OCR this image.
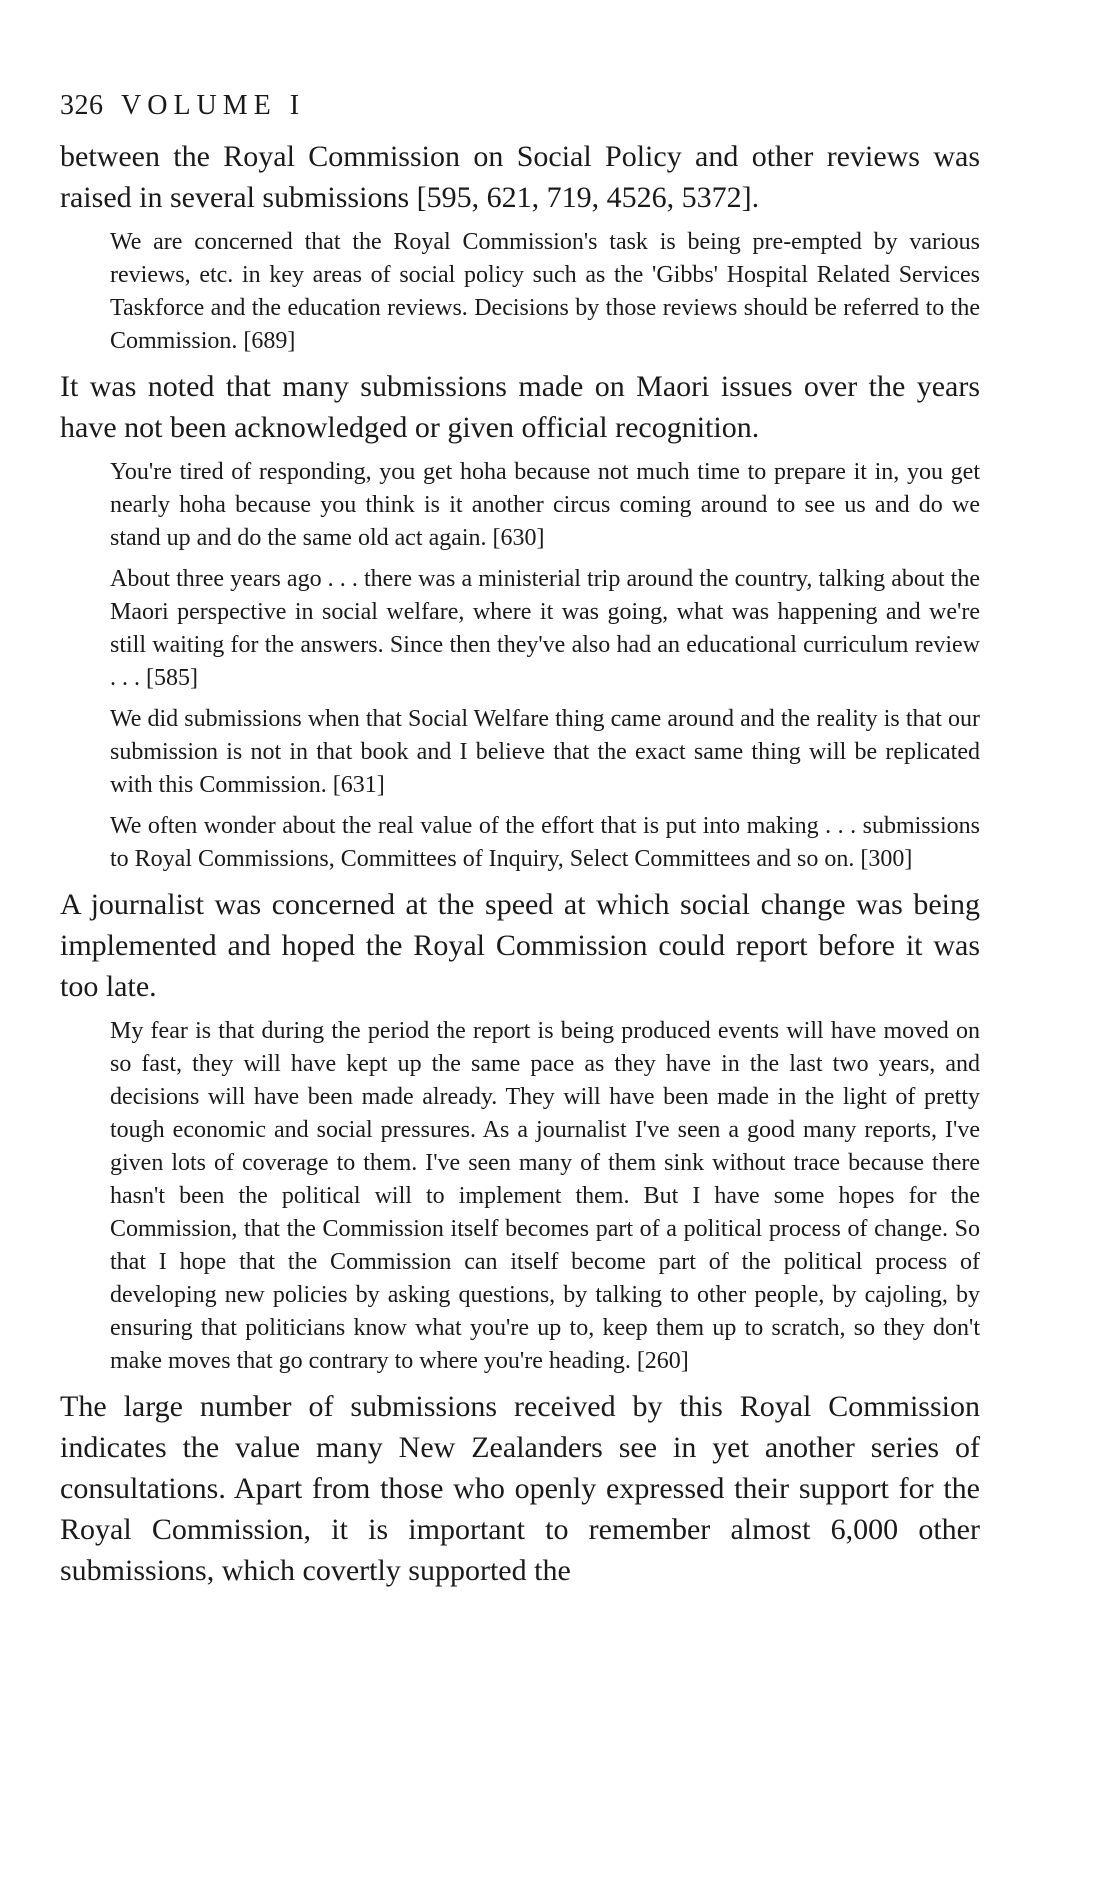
326 VOLUME I

between the Royal Commission on Social Policy and other reviews was raised in several submissions [595, 621, 719, 4526, 5372].

We are concerned that the Royal Commission's task is being pre-empted by various reviews, etc. in key areas of social policy such as the 'Gibbs' Hospital Related Services Taskforce and the education reviews. Decisions by those reviews should be referred to the Commission. [689]

It was noted that many submissions made on Maori issues over the years have not been acknowledged or given official recognition.

You're tired of responding, you get hoha because not much time to prepare it in, you get nearly hoha because you think is it another circus coming around to see us and do we stand up and do the same old act again. [630]

About three years ago . . . there was a ministerial trip around the country, talking about the Maori perspective in social welfare, where it was going, what was happening and we're still waiting for the answers. Since then they've also had an educational curriculum review . . . [585]

We did submissions when that Social Welfare thing came around and the reality is that our submission is not in that book and I believe that the exact same thing will be replicated with this Commission. [631]

We often wonder about the real value of the effort that is put into making . . . submissions to Royal Commissions, Committees of Inquiry, Select Committees and so on. [300]

A journalist was concerned at the speed at which social change was being implemented and hoped the Royal Commission could report before it was too late.

My fear is that during the period the report is being produced events will have moved on so fast, they will have kept up the same pace as they have in the last two years, and decisions will have been made already. They will have been made in the light of pretty tough economic and social pressures. As a journalist I've seen a good many reports, I've given lots of coverage to them. I've seen many of them sink without trace because there hasn't been the political will to implement them. But I have some hopes for the Commission, that the Commission itself becomes part of a political process of change. So that I hope that the Commission can itself become part of the political process of developing new policies by asking questions, by talking to other people, by cajoling, by ensuring that politicians know what you're up to, keep them up to scratch, so they don't make moves that go contrary to where you're heading. [260]

The large number of submissions received by this Royal Commission indicates the value many New Zealanders see in yet another series of consultations. Apart from those who openly expressed their support for the Royal Commission, it is important to remember almost 6,000 other submissions, which covertly supported the
